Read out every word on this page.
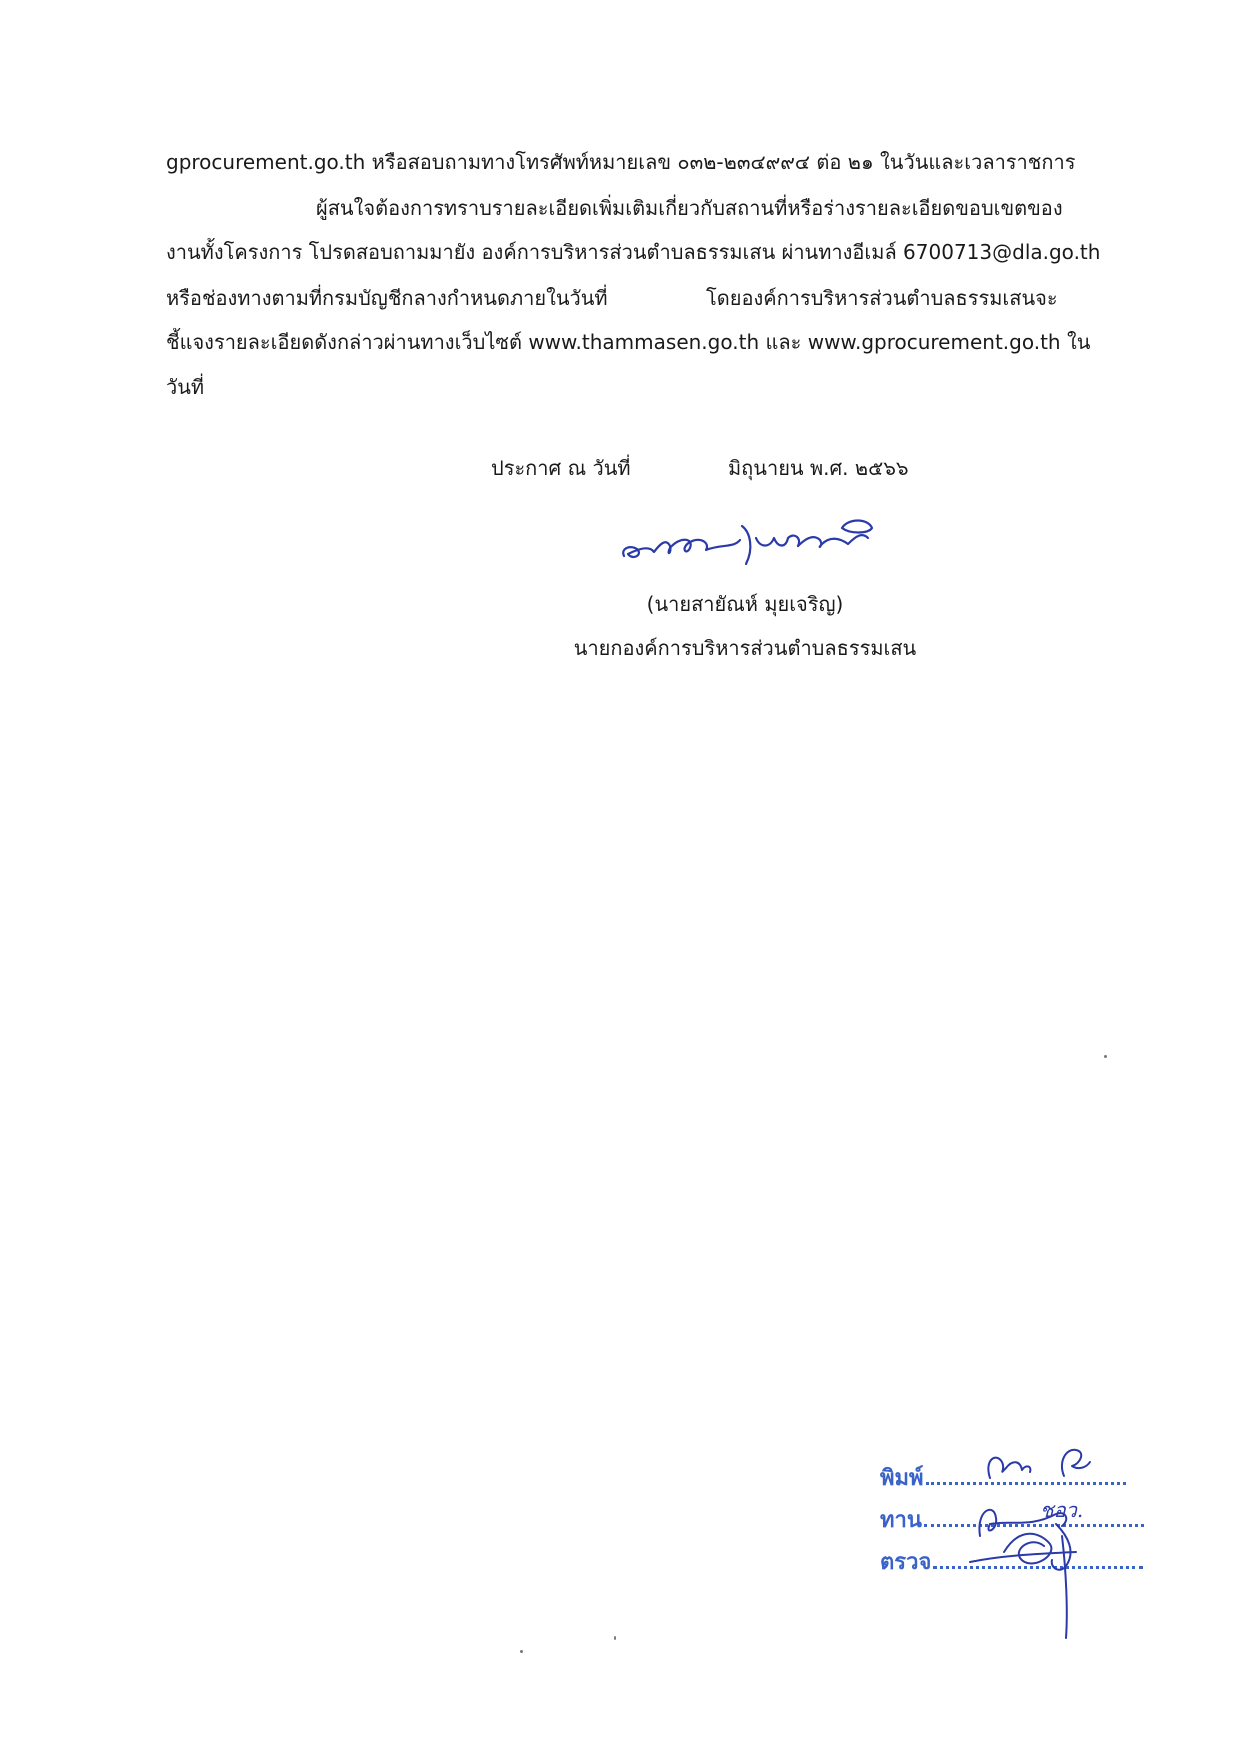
gprocurement.go.th หรือสอบถามทางโทรศัพท์หมายเลข ๐๓๒-๒๓๔๙๙๔ ต่อ ๒๑ ในวันและเวลาราชการ
ผู้สนใจต้องการทราบรายละเอียดเพิ่มเติมเกี่ยวกับสถานที่หรือร่างรายละเอียดขอบเขตของ
งานทั้งโครงการ โปรดสอบถามมายัง องค์การบริหารส่วนตำบลธรรมเสน ผ่านทางอีเมล์ 6700713@dla.go.th
หรือช่องทางตามที่กรมบัญชีกลางกำหนดภายในวันที่	โดยองค์การบริหารส่วนตำบลธรรมเสนจะ
ชี้แจงรายละเอียดดังกล่าวผ่านทางเว็บไซต์ www.thammasen.go.th และ www.gprocurement.go.th ใน
วันที่
ประกาศ ณ วันที่	มิถุนายน พ.ศ. ๒๕๖๖
(นายสายัณห์ มุยเจริญ)
นายกองค์การบริหารส่วนตำบลธรรมเสน
พิมพ์
ทาน
ตรวจ
ชอว.
